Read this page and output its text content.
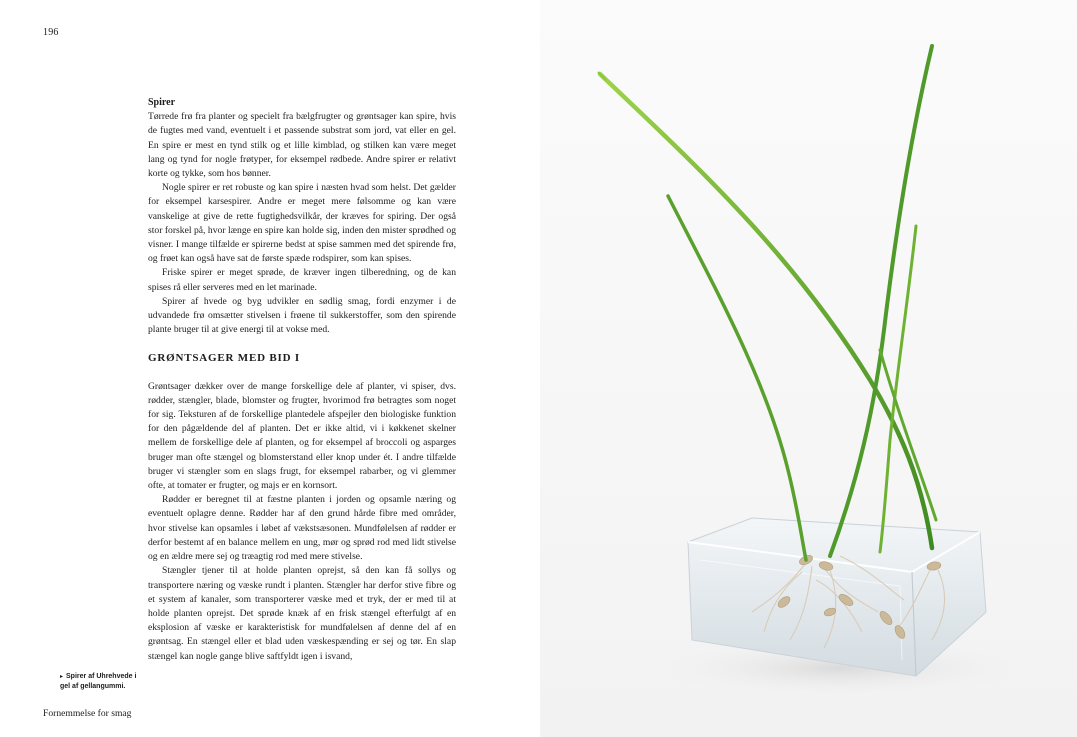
196
Spirer

Tørrede frø fra planter og specielt fra bælgfrugter og grøntsager kan spire, hvis de fugtes med vand, eventuelt i et passende substrat som jord, vat eller en gel. En spire er mest en tynd stilk og et lille kimblad, og stilken kan være meget lang og tynd for nogle frøtyper, for eksempel rødbede. Andre spirer er relativt korte og tykke, som hos bønner.

Nogle spirer er ret robuste og kan spire i næsten hvad som helst. Det gælder for eksempel karsespirer. Andre er meget mere følsomme og kan være vanskelige at give de rette fugtighedsvilkår, der kræves for spiring. Der også stor forskel på, hvor længe en spire kan holde sig, inden den mister sprødhed og visner. I mange tilfælde er spirerne bedst at spise sammen med det spirende frø, og frøet kan også have sat de første spæde rodspirer, som kan spises.

Friske spirer er meget sprøde, de kræver ingen tilberedning, og de kan spises rå eller serveres med en let marinade.

Spirer af hvede og byg udvikler en sødlig smag, fordi enzymer i de udvandede frø omsætter stivelsen i frøene til sukkerstoffer, som den spirende plante bruger til at give energi til at vokse med.

GRØNTSAGER MED BID I

Grøntsager dækker over de mange forskellige dele af planter, vi spiser, dvs. rødder, stængler, blade, blomster og frugter, hvorimod frø betragtes som noget for sig. Teksturen af de forskellige plantedele afspejler den biologiske funktion for den pågældende del af planten. Det er ikke altid, vi i køkkenet skelner mellem de forskellige dele af planten, og for eksempel af broccoli og asparges bruger man ofte stængel og blomsterstand eller knop under ét. I andre tilfælde bruger vi stængler som en slags frugt, for eksempel rabarber, og vi glemmer ofte, at tomater er frugter, og majs er en kornsort.

Rødder er beregnet til at fæstne planten i jorden og opsamle næring og eventuelt oplagre denne. Rødder har af den grund hårde fibre med områder, hvor stivelse kan opsamles i løbet af vækstsæsonen. Mundfølelsen af rødder er derfor bestemt af en balance mellem en ung, mør og sprød rod med lidt stivelse og en ældre mere sej og træagtig rod med mere stivelse.

Stængler tjener til at holde planten oprejst, så den kan få sollys og transportere næring og væske rundt i planten. Stængler har derfor stive fibre og et system af kanaler, som transporterer væske med et tryk, der er med til at holde planten oprejst. Det sprøde knæk af en frisk stængel efterfulgt af en eksplosion af væske er karakteristisk for mundfølelsen af denne del af en grøntsag. En stængel eller et blad uden væskespænding er sej og tør. En slap stængel kan nogle gange blive saftfyldt igen i isvand,

▸ Spirer af Uhrehvede i gel af gellangummi.
Fornemmelse for smag
